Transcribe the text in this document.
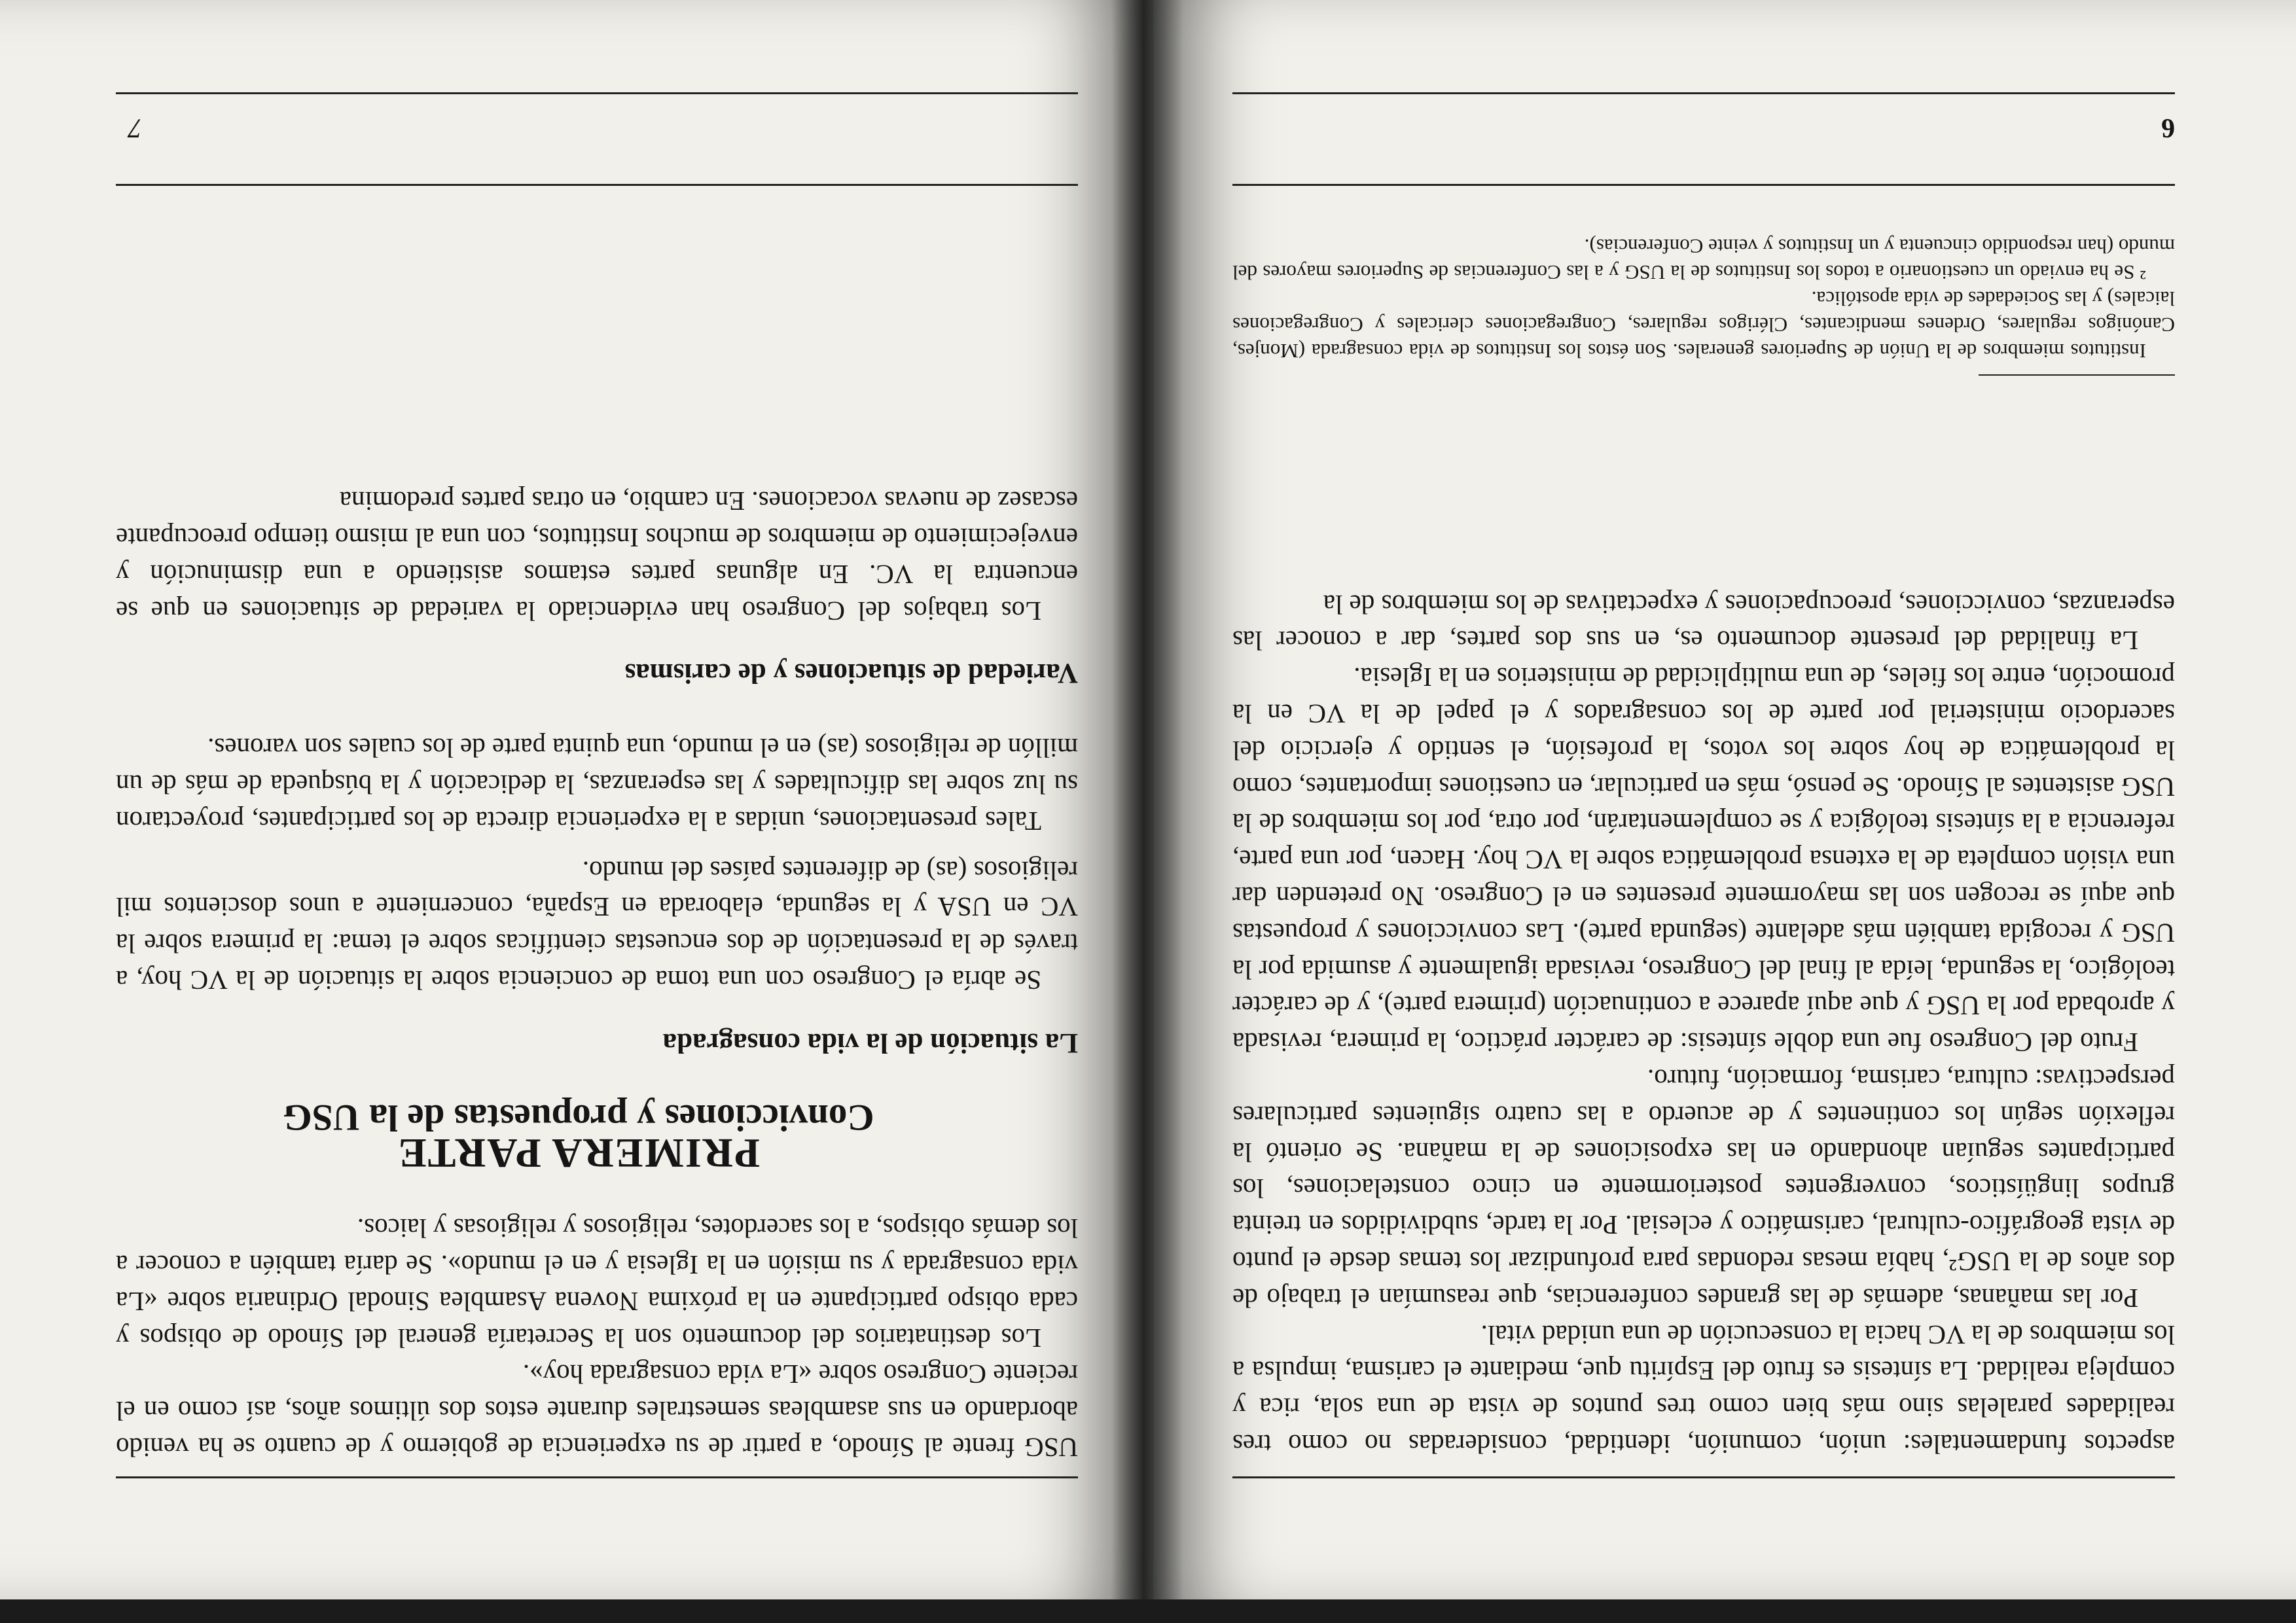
aspectos fundamentales: unión, comunión, identidad, consideradas no como tres realidades paralelas sino más bien como tres puntos de vista de una sola, rica y compleja realidad. La síntesis es fruto del Espíritu que, mediante el carisma, impulsa a los miembros de la VC hacia la consecución de una unidad vital.

Por las mañanas, además de las grandes conferencias, que reasumían el trabajo de dos años de la USG², había mesas redondas para profundizar los temas desde el punto de vista geográfico-cultural, carismático y eclesial. Por la tarde, subdivididos en treinta grupos lingüísticos, convergentes posteriormente en cinco constelaciones, los participantes seguían ahondando en las exposiciones de la mañana. Se orientó la reflexión según los continentes y de acuerdo a las cuatro siguientes particulares perspectivas: cultura, carisma, formación, futuro.

Fruto del Congreso fue una doble síntesis: de carácter práctico, la primera, revisada y aprobada por la USG y que aquí aparece a continuación (primera parte), y de carácter teológico, la segunda, leída al final del Congreso, revisada igualmente y asumida por la USG y recogida también más adelante (segunda parte). Las convicciones y propuestas que aquí se recogen son las mayormente presentes en el Congreso. No pretenden dar una visión completa de la extensa problemática sobre la VC hoy. Hacen, por una parte, referencia a la síntesis teológica y se complementarán, por otra, por los miembros de la USG asistentes al Sínodo. Se pensó, más en particular, en cuestiones importantes, como la problemática de hoy sobre los votos, la profesión, el sentido y ejercicio del sacerdocio ministerial por parte de los consagrados y el papel de la VC en la promoción, entre los fieles, de una multiplicidad de ministerios en la Iglesia.

La finalidad del presente documento es, en sus dos partes, dar a conocer las esperanzas, convicciones, preocupaciones y expectativas de los miembros de la

Institutos miembros de la Unión de Superiores generales. Son éstos los Institutos de vida consagrada (Monjes, Canónigos regulares, Ordenes mendicantes, Clérigos regulares, Congregaciones clericales y Congregaciones laicales) y las Sociedades de vida apostólica.

² Se ha enviado un cuestionario a todos los Institutos de la USG y a las Conferencias de Superiores mayores del mundo (han respondido cincuenta y un Institutos y veinte Conferencias).

6

USG frente al Sínodo, a partir de su experiencia de gobierno y de cuanto se ha venido abordando en sus asambleas semestrales durante estos dos últimos años, así como en el reciente Congreso sobre «La vida consagrada hoy».

Los destinatarios del documento son la Secretaría general del Sínodo de obispos y cada obispo participante en la próxima Novena Asamblea Sinodal Ordinaria sobre «La vida consagrada y su misión en la Iglesia y en el mundo». Se daría también a conocer a los demás obispos, a los sacerdotes, religiosos y religiosas y laicos.

PRIMERA PARTE

Convicciones y propuestas de la USG

La situación de la vida consagrada

Se abría el Congreso con una toma de conciencia sobre la situación de la VC hoy, a través de la presentación de dos encuestas científicas sobre el tema: la primera sobre la VC en USA y la segunda, elaborada en España, concerniente a unos doscientos mil religiosos (as) de diferentes países del mundo.

Tales presentaciones, unidas a la experiencia directa de los participantes, proyectaron su luz sobre las dificultades y las esperanzas, la dedicación y la búsqueda de más de un millón de religiosos (as) en el mundo, una quinta parte de los cuales son varones.

Variedad de situaciones y de carismas

Los trabajos del Congreso han evidenciado la variedad de situaciones en que se encuentra la VC. En algunas partes estamos asistiendo a una disminución y envejecimiento de miembros de muchos Institutos, con una al mismo tiempo preocupante escasez de nuevas vocaciones. En cambio, en otras partes predomina

7
